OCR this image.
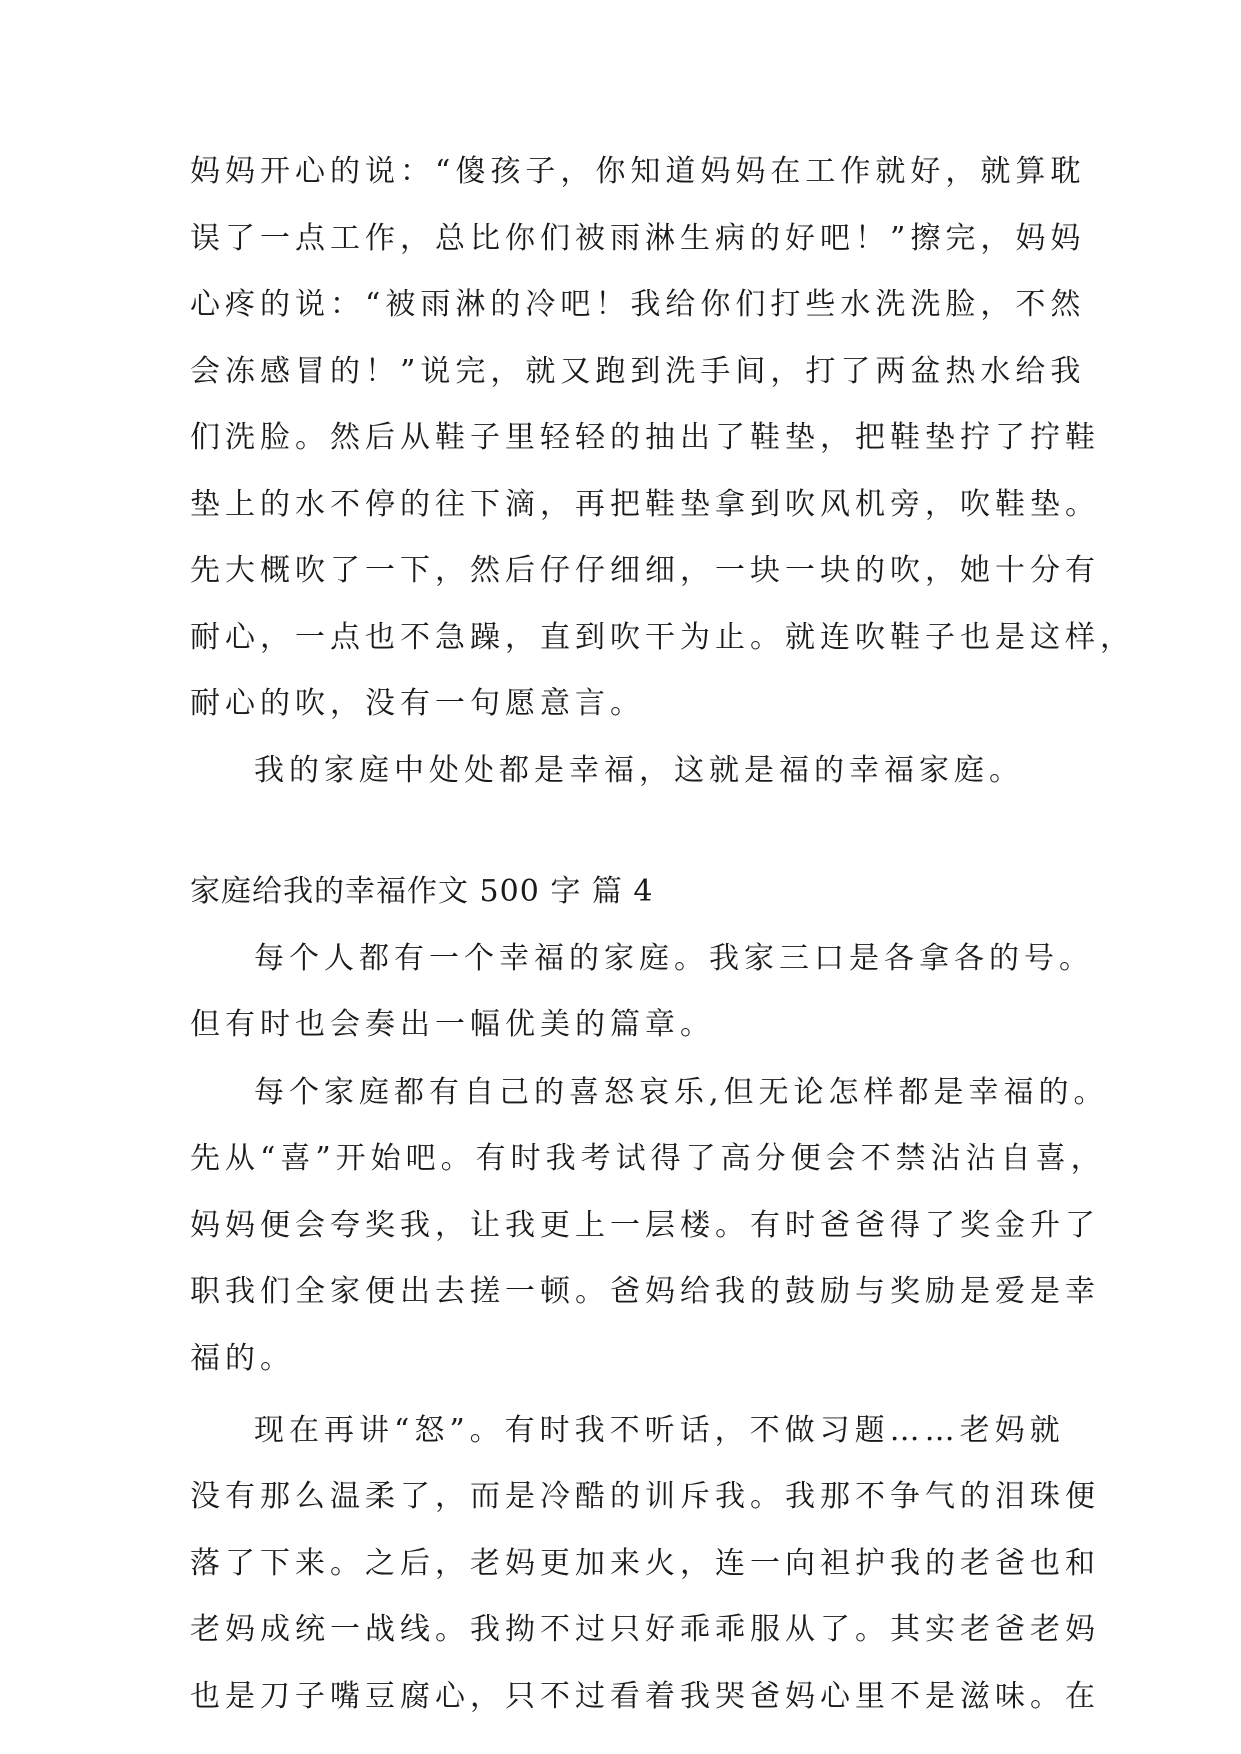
妈妈开心的说：“傻孩子，你知道妈妈在工作就好，就算耽
误了一点工作，总比你们被雨淋生病的好吧！”擦完，妈妈
心疼的说：“被雨淋的冷吧！我给你们打些水洗洗脸，不然
会冻感冒的！”说完，就又跑到洗手间，打了两盆热水给我
们洗脸。然后从鞋子里轻轻的抽出了鞋垫，把鞋垫拧了拧鞋
垫上的水不停的往下滴，再把鞋垫拿到吹风机旁，吹鞋垫。
先大概吹了一下，然后仔仔细细，一块一块的吹，她十分有
耐心，一点也不急躁，直到吹干为止。就连吹鞋子也是这样，
耐心的吹，没有一句愿意言。
我的家庭中处处都是幸福，这就是福的幸福家庭。
家庭给我的幸福作文 500 字 篇 4
每个人都有一个幸福的家庭。我家三口是各拿各的号。
但有时也会奏出一幅优美的篇章。
每个家庭都有自己的喜怒哀乐,但无论怎样都是幸福的。
先从“喜”开始吧。有时我考试得了高分便会不禁沾沾自喜，
妈妈便会夸奖我，让我更上一层楼。有时爸爸得了奖金升了
职我们全家便出去搓一顿。爸妈给我的鼓励与奖励是爱是幸
福的。
现在再讲“怒”。有时我不听话，不做习题……老妈就
没有那么温柔了，而是冷酷的训斥我。我那不争气的泪珠便
落了下来。之后，老妈更加来火，连一向袒护我的老爸也和
老妈成统一战线。我拗不过只好乖乖服从了。其实老爸老妈
也是刀子嘴豆腐心，只不过看着我哭爸妈心里不是滋味。在
